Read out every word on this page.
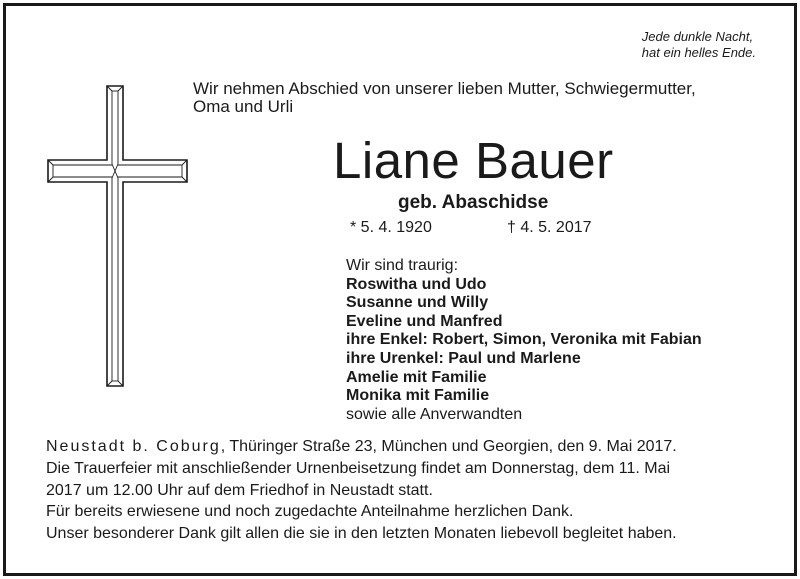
Jede dunkle Nacht,
hat ein helles Ende.
Wir nehmen Abschied von unserer lieben Mutter, Schwiegermutter,
Oma und Urli
Liane Bauer
geb. Abaschidse
* 5. 4. 1920	† 4. 5. 2017
Wir sind traurig:
Roswitha und Udo
Susanne und Willy
Eveline und Manfred
ihre Enkel: Robert, Simon, Veronika mit Fabian
ihre Urenkel: Paul und Marlene
Amelie mit Familie
Monika mit Familie
sowie alle Anverwandten
Neustadt b. Coburg, Thüringer Straße 23, München und Georgien, den 9. Mai 2017.
Die Trauerfeier mit anschließender Urnenbeisetzung findet am Donnerstag, dem 11. Mai
2017 um 12.00 Uhr auf dem Friedhof in Neustadt statt.
Für bereits erwiesene und noch zugedachte Anteilnahme herzlichen Dank.
Unser besonderer Dank gilt allen die sie in den letzten Monaten liebevoll begleitet haben.
